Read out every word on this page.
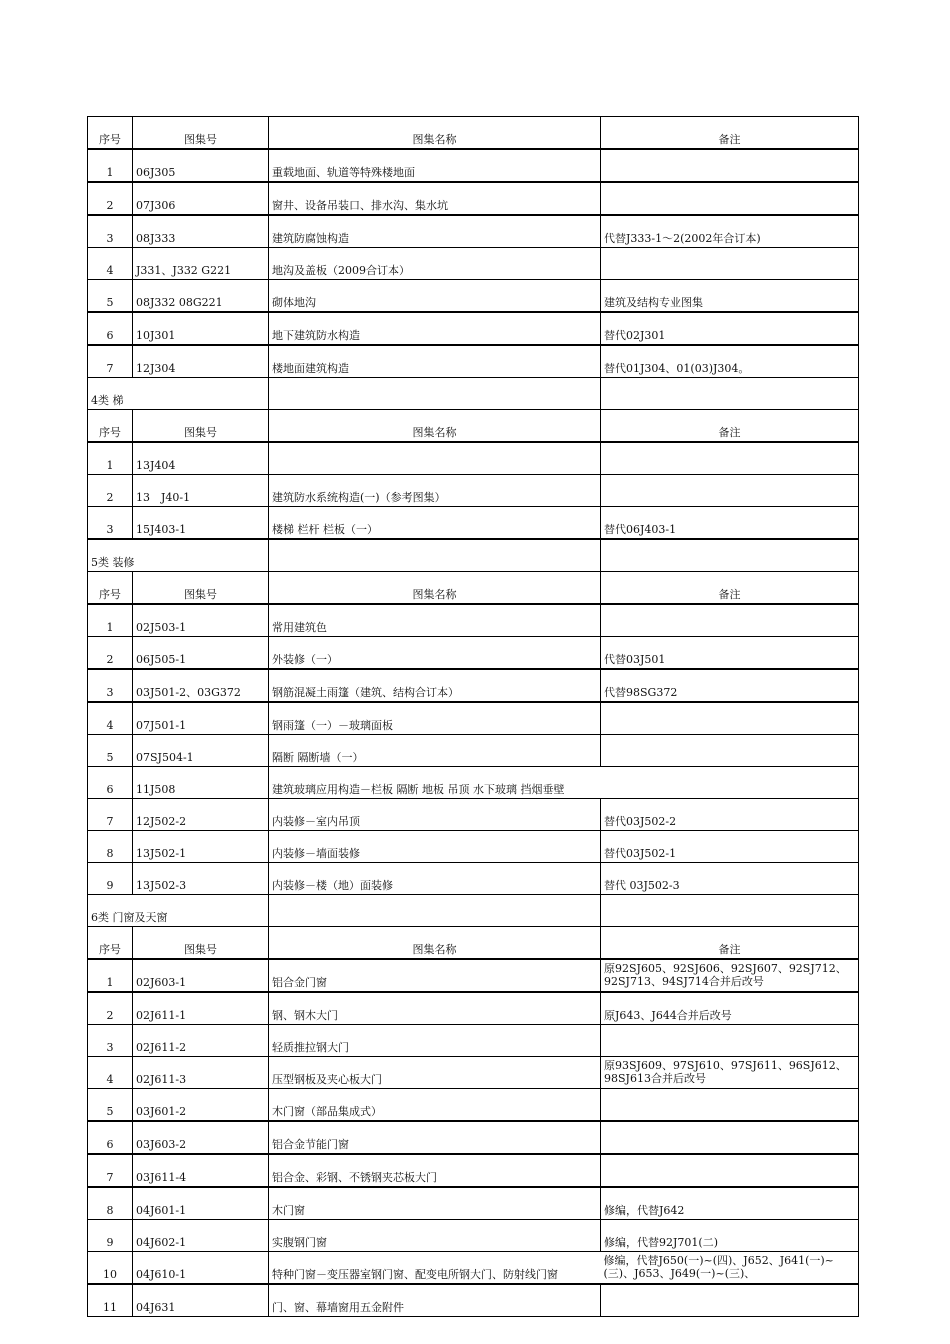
序号	图集号	图集名称	备注
1	06J305	重载地面、轨道等特殊楼地面	
2	07J306	窗井、设备吊装口、排水沟、集水坑	
3	08J333	建筑防腐蚀构造	代替J333-1～2(2002年合订本)
4	J331、J332 G221	地沟及盖板（2009合订本）	
5	08J332 08G221	砌体地沟	建筑及结构专业图集
6	10J301	地下建筑防水构造	替代02J301
7	12J304	楼地面建筑构造	替代01J304、01(03)J304。
4类 梯			
序号	图集号	图集名称	备注
1	13J404		
2	13　J40-1	建筑防水系统构造(一)（参考图集）	
3	15J403-1	楼梯 栏杆 栏板（一）	替代06J403-1
5类 装修			
序号	图集号	图集名称	备注
1	02J503-1	常用建筑色	
2	06J505-1	外装修（一）	代替03J501
3	03J501-2、03G372	钢筋混凝土雨篷（建筑、结构合订本）	代替98SG372
4	07J501-1	钢雨篷（一）－玻璃面板	
5	07SJ504-1	隔断 隔断墙（一）	
6	11J508	建筑玻璃应用构造－栏板 隔断 地板 吊顶 水下玻璃 挡烟垂壁	
7	12J502-2	内装修－室内吊顶	替代03J502-2
8	13J502-1	内装修－墙面装修	替代03J502-1
9	13J502-3	内装修－楼（地）面装修	替代 03J502-3
6类 门窗及天窗			
序号	图集号	图集名称	备注
1	02J603-1	铝合金门窗	原92SJ605、92SJ606、92SJ607、92SJ712、92SJ713、94SJ714合并后改号
2	02J611-1	钢、钢木大门	原J643、J644合并后改号
3	02J611-2	轻质推拉钢大门	
4	02J611-3	压型钢板及夹心板大门	原93SJ609、97SJ610、97SJ611、96SJ612、98SJ613合并后改号
5	03J601-2	木门窗（部品集成式）	
6	03J603-2	铝合金节能门窗	
7	03J611-4	铝合金、彩钢、不锈钢夹芯板大门	
8	04J601-1	木门窗	修编，代替J642
9	04J602-1	实腹钢门窗	修编，代替92J701(二)
10	04J610-1	特种门窗－变压器室钢门窗、配变电所钢大门、防射线门窗	修编，代替J650(一)~(四)、J652、J641(一)~(三)、J653、J649(一)~(三)、
11	04J631	门、窗、幕墙窗用五金附件	
